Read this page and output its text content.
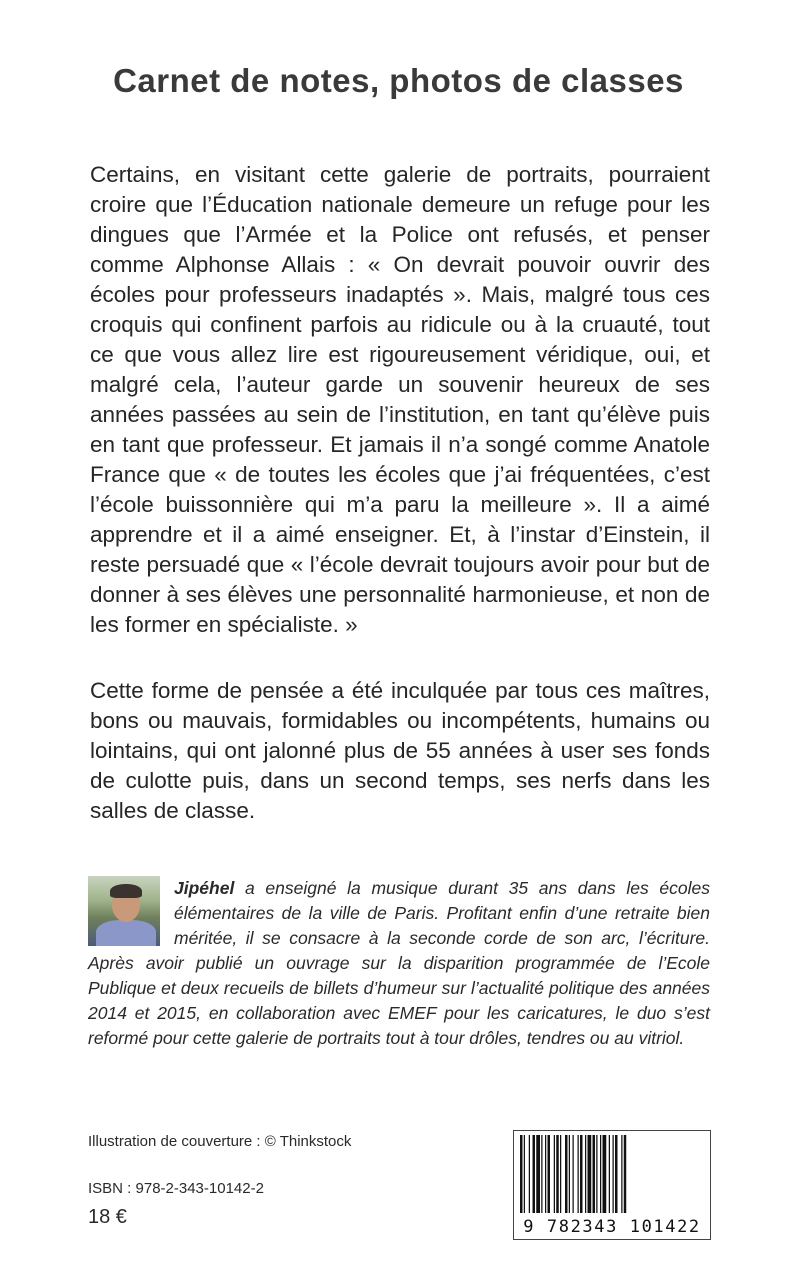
Carnet de notes, photos de classes
Certains, en visitant cette galerie de portraits, pourraient croire que l’Éducation nationale demeure un refuge pour les dingues que l’Armée et la Police ont refusés, et penser comme Alphonse Allais : « On devrait pouvoir ouvrir des écoles pour professeurs inadaptés ». Mais, malgré tous ces croquis qui confinent parfois au ridicule ou à la cruauté, tout ce que vous allez lire est rigoureusement véridique, oui, et malgré cela, l’auteur garde un souvenir heureux de ses années passées au sein de l’institution, en tant qu’élève puis en tant que professeur. Et jamais il n’a songé comme Anatole France que « de toutes les écoles que j’ai fréquentées, c’est l’école buissonnière qui m’a paru la meilleure ». Il a aimé apprendre et il a aimé enseigner. Et, à l’instar d’Einstein, il reste persuadé que « l’école devrait toujours avoir pour but de donner à ses élèves une personnalité harmonieuse, et non de les former en spécialiste. »
Cette forme de pensée a été inculquée par tous ces maîtres, bons ou mauvais, formidables ou incompétents, humains ou lointains, qui ont jalonné plus de 55 années à user ses fonds de culotte puis, dans un second temps, ses nerfs dans les salles de classe.
Jipéhel a enseigné la musique durant 35 ans dans les écoles élémentaires de la ville de Paris. Profitant enfin d’une retraite bien méritée, il se consacre à la seconde corde de son arc, l’écriture. Après avoir publié un ouvrage sur la disparition programmée de l’Ecole Publique et deux recueils de billets d’humeur sur l’actualité politique des années 2014 et 2015, en collaboration avec EMEF pour les caricatures, le duo s’est reformé pour cette galerie de portraits tout à tour drôles, tendres ou au vitriol.
Illustration de couverture : © Thinkstock
ISBN : 978-2-343-10142-2
18 €	9 782343 101422
